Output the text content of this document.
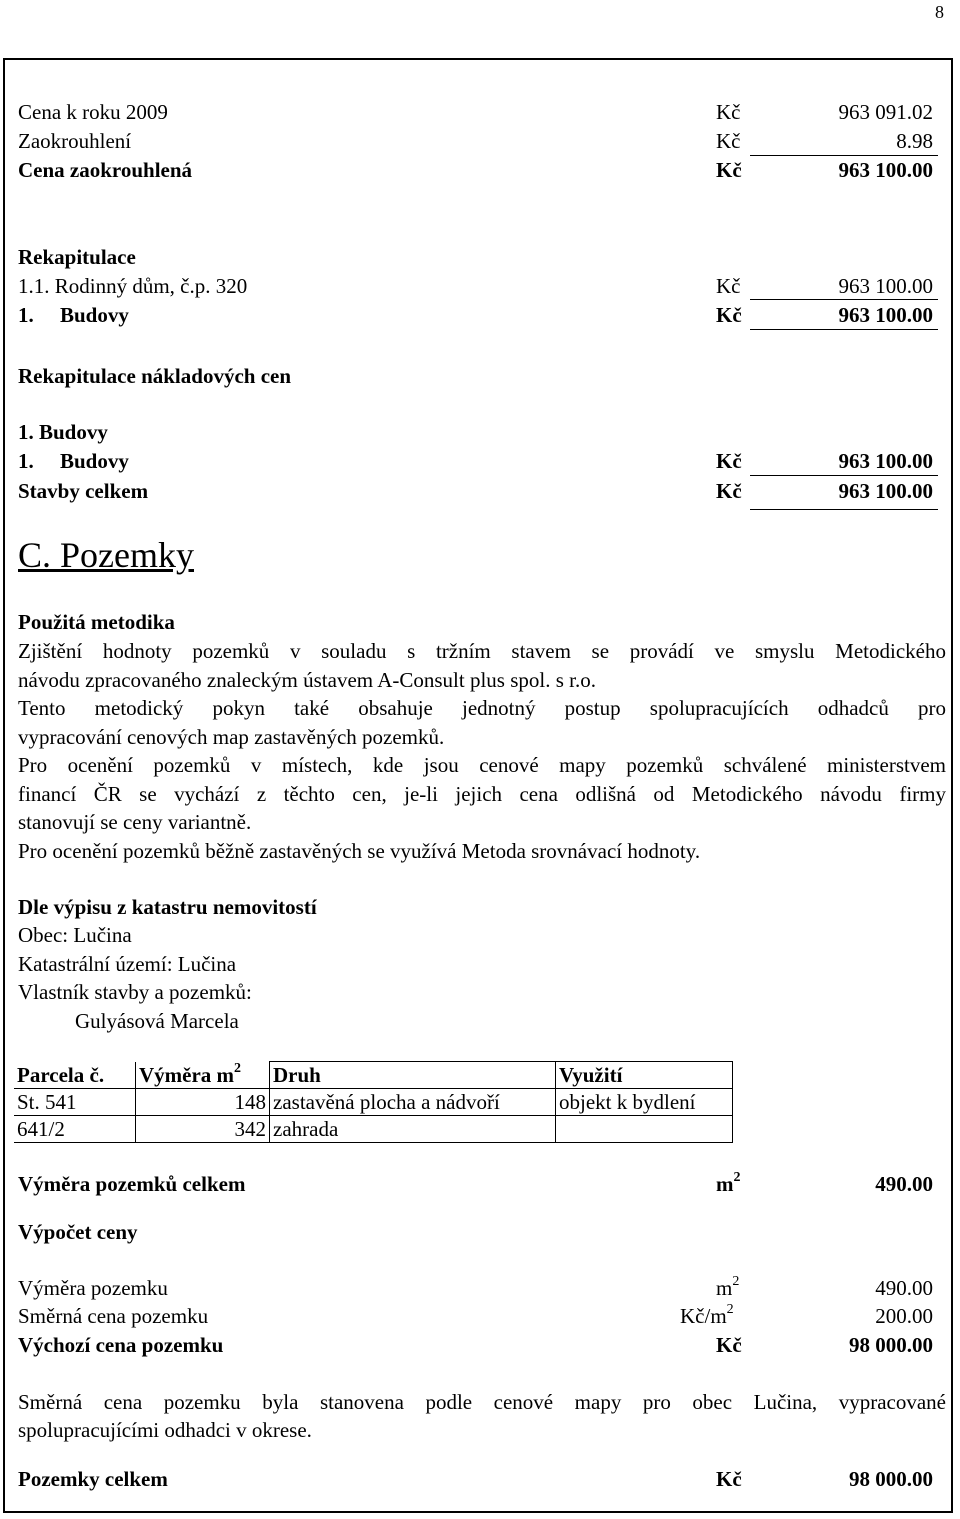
8
Cena k roku 2009	Kč	963 091.02
Zaokrouhlení	Kč	8.98
Cena zaokrouhlená	Kč	963 100.00
Rekapitulace
1.1. Rodinný dům, č.p. 320	Kč	963 100.00
1. Budovy	Kč	963 100.00
Rekapitulace nákladových cen
1. Budovy
1. Budovy	Kč	963 100.00
Stavby celkem	Kč	963 100.00
C. Pozemky
Použitá metodika
Zjištění hodnoty pozemků v souladu s tržním stavem se provádí ve smyslu Metodického
návodu zpracovaného znaleckým ústavem A-Consult plus spol. s r.o.
Tento metodický pokyn také obsahuje jednotný postup spolupracujících odhadců pro
vypracování cenových map zastavěných pozemků.
Pro ocenění pozemků v místech, kde jsou cenové mapy pozemků schválené ministerstvem
financí ČR se vychází z těchto cen, je-li jejich cena odlišná od Metodického návodu firmy
stanovují se ceny variantně.
Pro ocenění pozemků běžně zastavěných se využívá Metoda srovnávací hodnoty.
Dle výpisu z katastru nemovitostí
Obec: Lučina
Katastrální území: Lučina
Vlastník stavby a pozemků:
Gulyásová Marcela
Parcela č.	Výměra $m^2$	Druh	Využití
St. 541	148	zastavěná plocha a nádvoří	objekt k bydlení
641/2	342	zahrada	
Výměra pozemků celkem	$m^2$	490.00
Výpočet ceny
Výměra pozemku	$m^2$	490.00
Směrná cena pozemku	$Kč/m^2$	200.00
Výchozí cena pozemku	Kč	98 000.00
Směrná cena pozemku byla stanovena podle cenové mapy pro obec Lučina, vypracované
spolupracujícími odhadci v okrese.
Pozemky celkem	Kč	98 000.00
